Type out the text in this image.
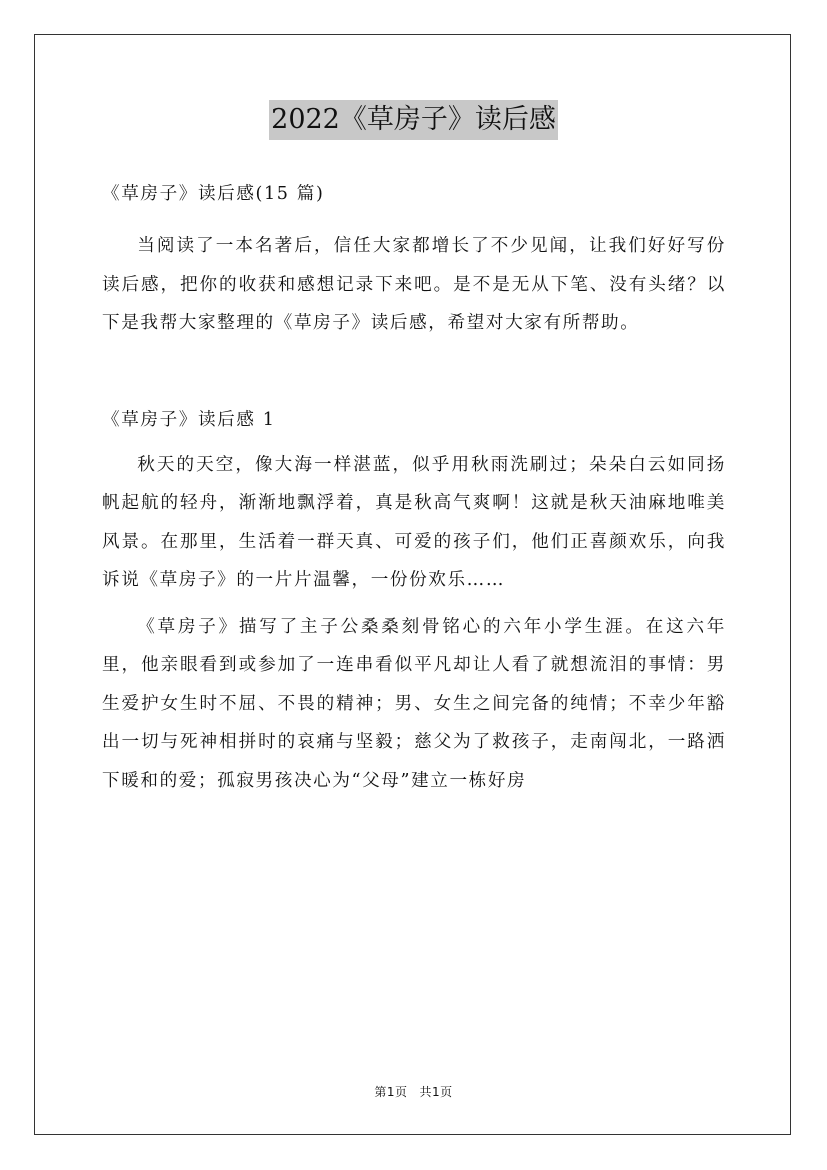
2022《草房子》读后感

《草房子》读后感(15 篇)

当阅读了一本名著后，信任大家都增长了不少见闻，让我们好好写份读后感，把你的收获和感想记录下来吧。是不是无从下笔、没有头绪？以下是我帮大家整理的《草房子》读后感，希望对大家有所帮助。

《草房子》读后感 1

秋天的天空，像大海一样湛蓝，似乎用秋雨洗刷过；朵朵白云如同扬帆起航的轻舟，渐渐地飘浮着，真是秋高气爽啊！这就是秋天油麻地唯美风景。在那里，生活着一群天真、可爱的孩子们，他们正喜颜欢乐，向我诉说《草房子》的一片片温馨，一份份欢乐……

《草房子》描写了主子公桑桑刻骨铭心的六年小学生涯。在这六年里，他亲眼看到或参加了一连串看似平凡却让人看了就想流泪的事情：男生爱护女生时不屈、不畏的精神；男、女生之间完备的纯情；不幸少年豁出一切与死神相拼时的哀痛与坚毅；慈父为了救孩子，走南闯北，一路洒下暖和的爱；孤寂男孩决心为“父母”建立一栋好房

第1页 共1页
